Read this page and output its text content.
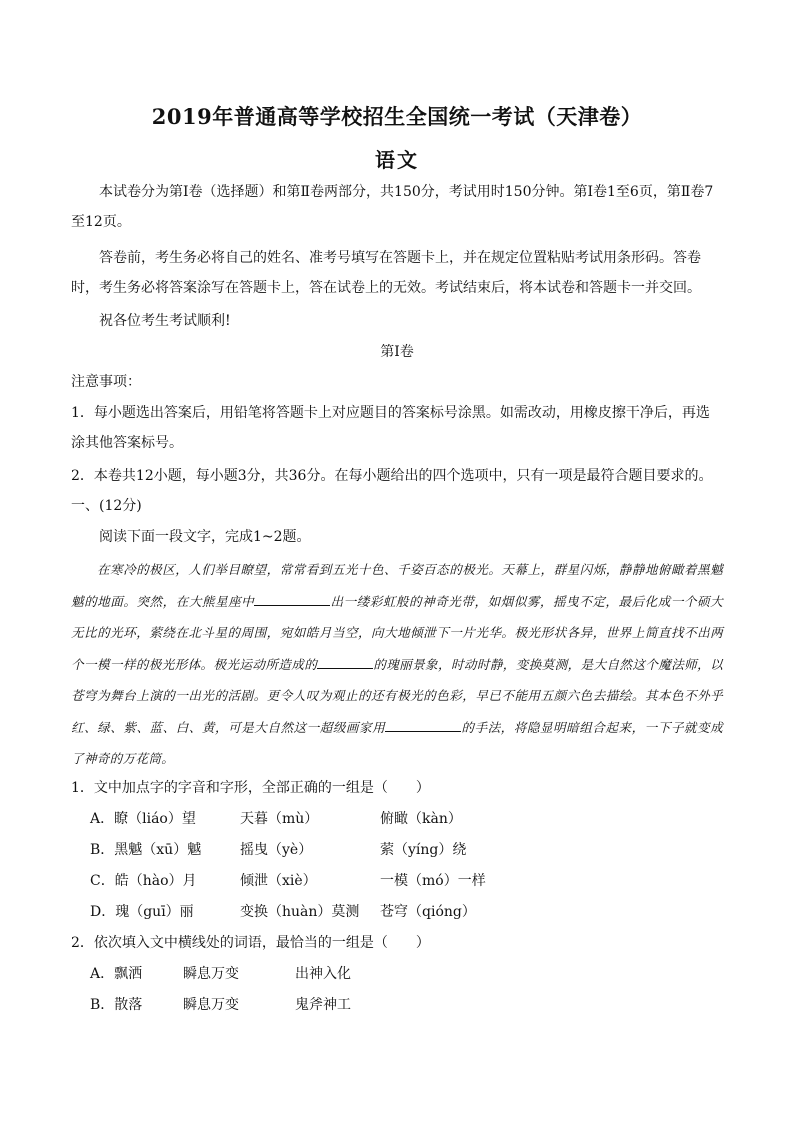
2019年普通高等学校招生全国统一考试（天津卷）
语文
本试卷分为第Ⅰ卷（选择题）和第Ⅱ卷两部分，共150分，考试用时150分钟。第Ⅰ卷1至6页，第Ⅱ卷7至12页。
答卷前，考生务必将自己的姓名、准考号填写在答题卡上，并在规定位置粘贴考试用条形码。答卷时，考生务必将答案涂写在答题卡上，答在试卷上的无效。考试结束后，将本试卷和答题卡一并交回。
祝各位考生考试顺利!
第Ⅰ卷
注意事项：
1．每小题选出答案后，用铅笔将答题卡上对应题目的答案标号涂黑。如需改动，用橡皮擦干净后，再选涂其他答案标号。
2．本卷共12小题，每小题3分，共36分。在每小题给出的四个选项中，只有一项是最符合题目要求的。
一、(12分)
阅读下面一段文字，完成1~2题。
在寒冷的极区，人们举目瞭望，常常看到五光十色、千姿百态的极光。天幕上，群星闪烁，静静地俯瞰着黑魆魆的地面。突然，在大熊星座中	出一缕彩虹般的神奇光带，如烟似雾，摇曳不定，最后化成一个硕大无比的光环，萦绕在北斗星的周围，宛如皓月当空，向大地倾泄下一片光华。极光形状各异，世界上简直找不出两个一模一样的极光形体。极光运动所造成的	的瑰丽景象，时动时静，变换莫测，是大自然这个魔法师，以苍穹为舞台上演的一出光的活剧。更令人叹为观止的还有极光的色彩，早已不能用五颜六色去描绘。其本色不外乎红、绿、紫、蓝、白、黄，可是大自然这一超级画家用	的手法，将隐显明暗组合起来，一下子就变成了神奇的万花筒。
1．文中加点字的字音和字形，全部正确的一组是（　　）
A．瞭（liáo）望	天暮（mù）	俯瞰（kàn）
B．黑魆（xū）魆	摇曳（yè）	萦（yíng）绕
C．皓（hào）月	倾泄（xiè）	一模（mó）一样
D．瑰（guī）丽	变换（huàn）莫测 苍穹（qióng）
2．依次填入文中横线处的词语，最恰当的一组是（　　）
A．飘洒	瞬息万变	出神入化
B．散落	瞬息万变	鬼斧神工
